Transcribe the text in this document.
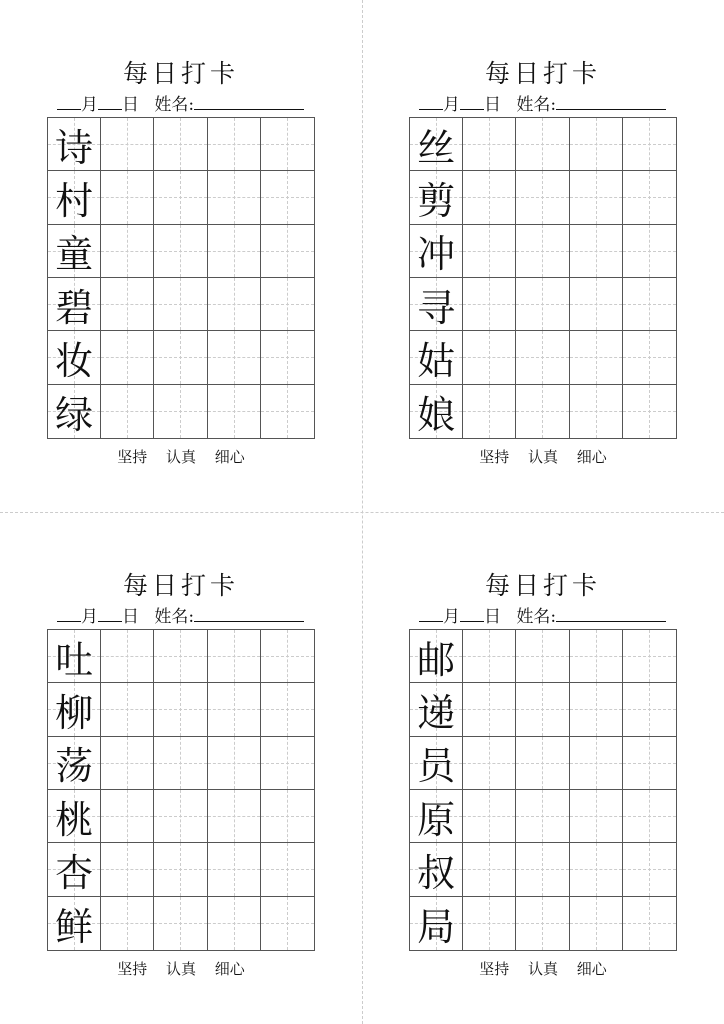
每日打卡
月 日 姓名:
诗
村
童
碧
妆
绿
坚持 认真 细心
每日打卡
月 日 姓名:
丝
剪
冲
寻
姑
娘
坚持 认真 细心
每日打卡
月 日 姓名:
吐
柳
荡
桃
杏
鲜
坚持 认真 细心
每日打卡
月 日 姓名:
邮
递
员
原
叔
局
坚持 认真 细心
